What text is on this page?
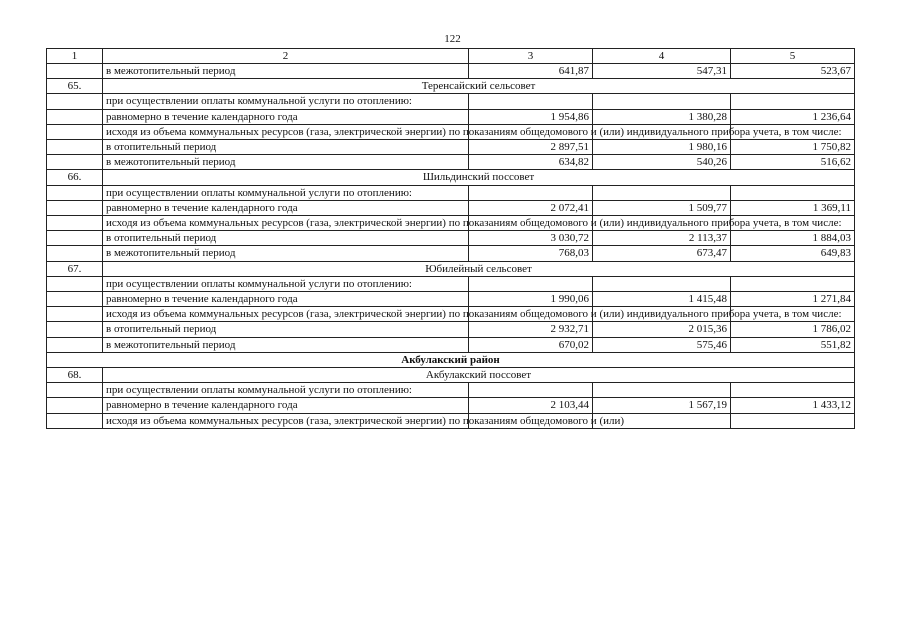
122
1	2	3	4	5
	в межотопительный период	641,87	547,31	523,67
65.	Теренсайский сельсовет			
	при осуществлении оплаты коммунальной услуги по отоплению:			
	равномерно в течение календарного года	1 954,86	1 380,28	1 236,64
	исходя из объема коммунальных ресурсов (газа, электрической энергии) по показаниям общедомового и (или) индивидуального прибора учета, в том числе:			
	в отопительный период	2 897,51	1 980,16	1 750,82
	в межотопительный период	634,82	540,26	516,62
66.	Шильдинский поссовет			
	при осуществлении оплаты коммунальной услуги по отоплению:			
	равномерно в течение календарного года	2 072,41	1 509,77	1 369,11
	исходя из объема коммунальных ресурсов (газа, электрической энергии) по показаниям общедомового и (или) индивидуального прибора учета, в том числе:			
	в отопительный период	3 030,72	2 113,37	1 884,03
	в межотопительный период	768,03	673,47	649,83
67.	Юбилейный сельсовет			
	при осуществлении оплаты коммунальной услуги по отоплению:			
	равномерно в течение календарного года	1 990,06	1 415,48	1 271,84
	исходя из объема коммунальных ресурсов (газа, электрической энергии) по показаниям общедомового и (или) индивидуального прибора учета, в том числе:			
	в отопительный период	2 932,71	2 015,36	1 786,02
	в межотопительный период	670,02	575,46	551,82
Акбулакский район				
68.	Акбулакский поссовет			
	при осуществлении оплаты коммунальной услуги по отоплению:			
	равномерно в течение календарного года	2 103,44	1 567,19	1 433,12
	исходя из объема коммунальных ресурсов (газа, электрической энергии) по показаниям общедомового и (или)			
